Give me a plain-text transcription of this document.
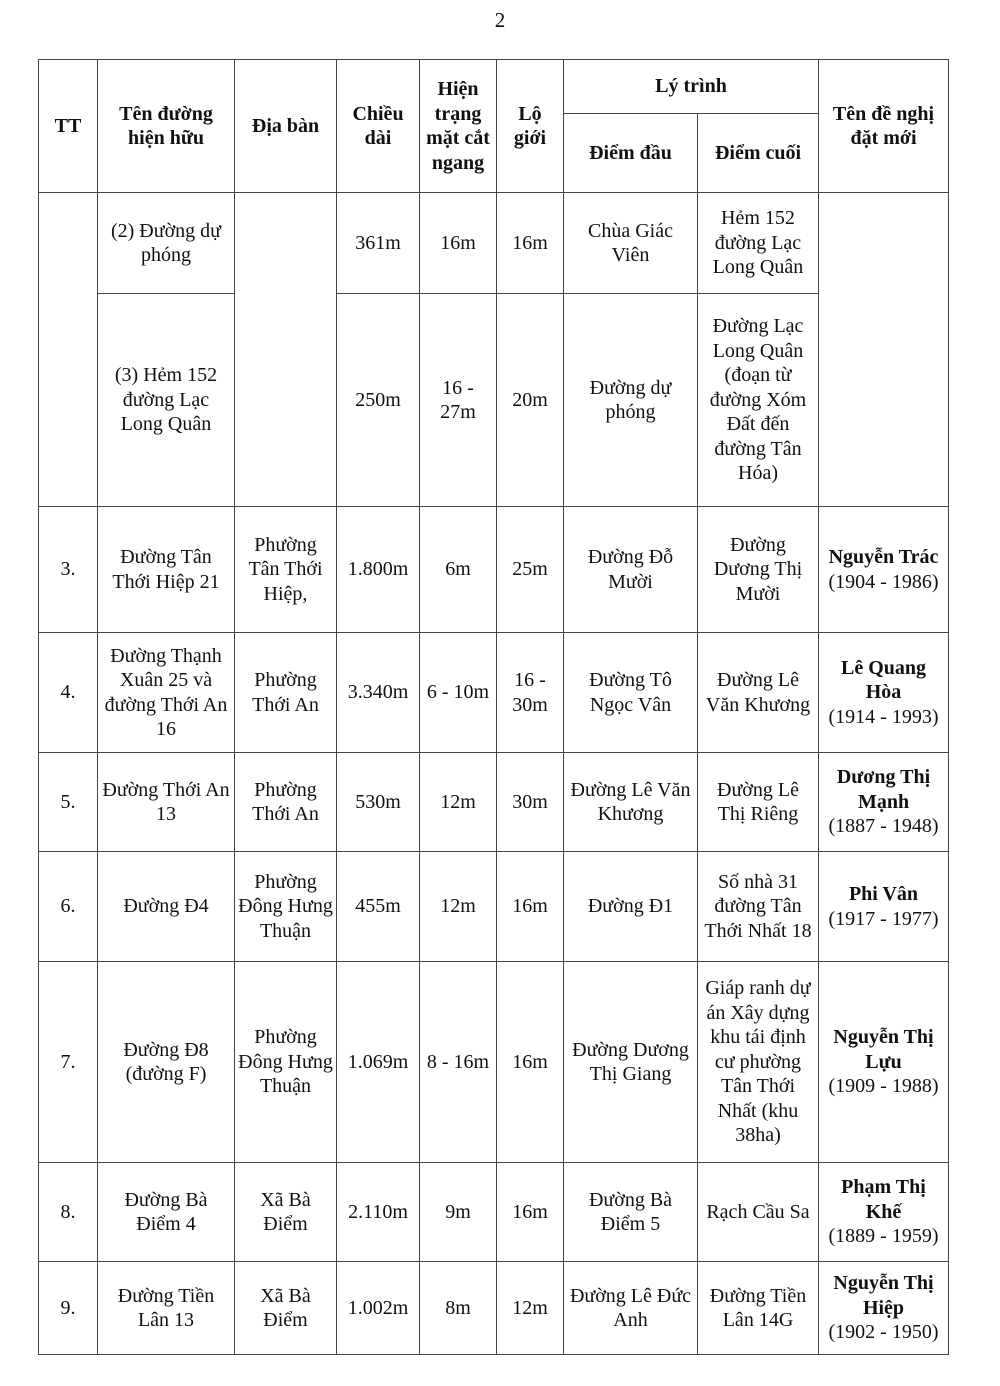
2
TT	Tên đường hiện hữu	Địa bàn	Chiều dài	Hiện trạng mặt cắt ngang	Lộ giới	Lý trình		Tên đề nghị đặt mới
						Điểm đầu	Điểm cuối	
	(2) Đường dự phóng		361m	16m	16m	Chùa Giác Viên	Hẻm 152 đường Lạc Long Quân	
	(3) Hẻm 152 đường Lạc Long Quân		250m	16 - 27m	20m	Đường dự phóng	Đường Lạc Long Quân (đoạn từ đường Xóm Đất đến đường Tân Hóa)	
3.	Đường Tân Thới Hiệp 21	Phường Tân Thới Hiệp,	1.800m	6m	25m	Đường Đỗ Mười	Đường Dương Thị Mười	Nguyễn Trác
(1904 - 1986)

4.	Đường Thạnh Xuân 25 và đường Thới An 16	Phường Thới An	3.340m	6 - 10m	16 - 30m	Đường Tô Ngọc Vân	Đường Lê Văn Khương	Lê Quang Hòa
(1914 - 1993)

5.	Đường Thới An 13	Phường Thới An	530m	12m	30m	Đường Lê Văn Khương	Đường Lê Thị Riêng	Dương Thị Mạnh
(1887 - 1948)

6.	Đường Đ4	Phường Đông Hưng Thuận	455m	12m	16m	Đường Đ1	Số nhà 31 đường Tân Thới Nhất 18	Phi Vân
(1917 - 1977)

7.	Đường Đ8 (đường F)	Phường Đông Hưng Thuận	1.069m	8 - 16m	16m	Đường Dương Thị Giang	Giáp ranh dự án Xây dựng khu tái định cư phường Tân Thới Nhất (khu 38ha)	Nguyễn Thị Lựu
(1909 - 1988)

8.	Đường Bà Điểm 4	Xã Bà Điểm	2.110m	9m	16m	Đường Bà Điểm 5	Rạch Cầu Sa	Phạm Thị Khế
(1889 - 1959)

9.	Đường Tiền Lân 13	Xã Bà Điểm	1.002m	8m	12m	Đường Lê Đức Anh	Đường Tiền Lân 14G	Nguyễn Thị Hiệp
(1902 - 1950)
